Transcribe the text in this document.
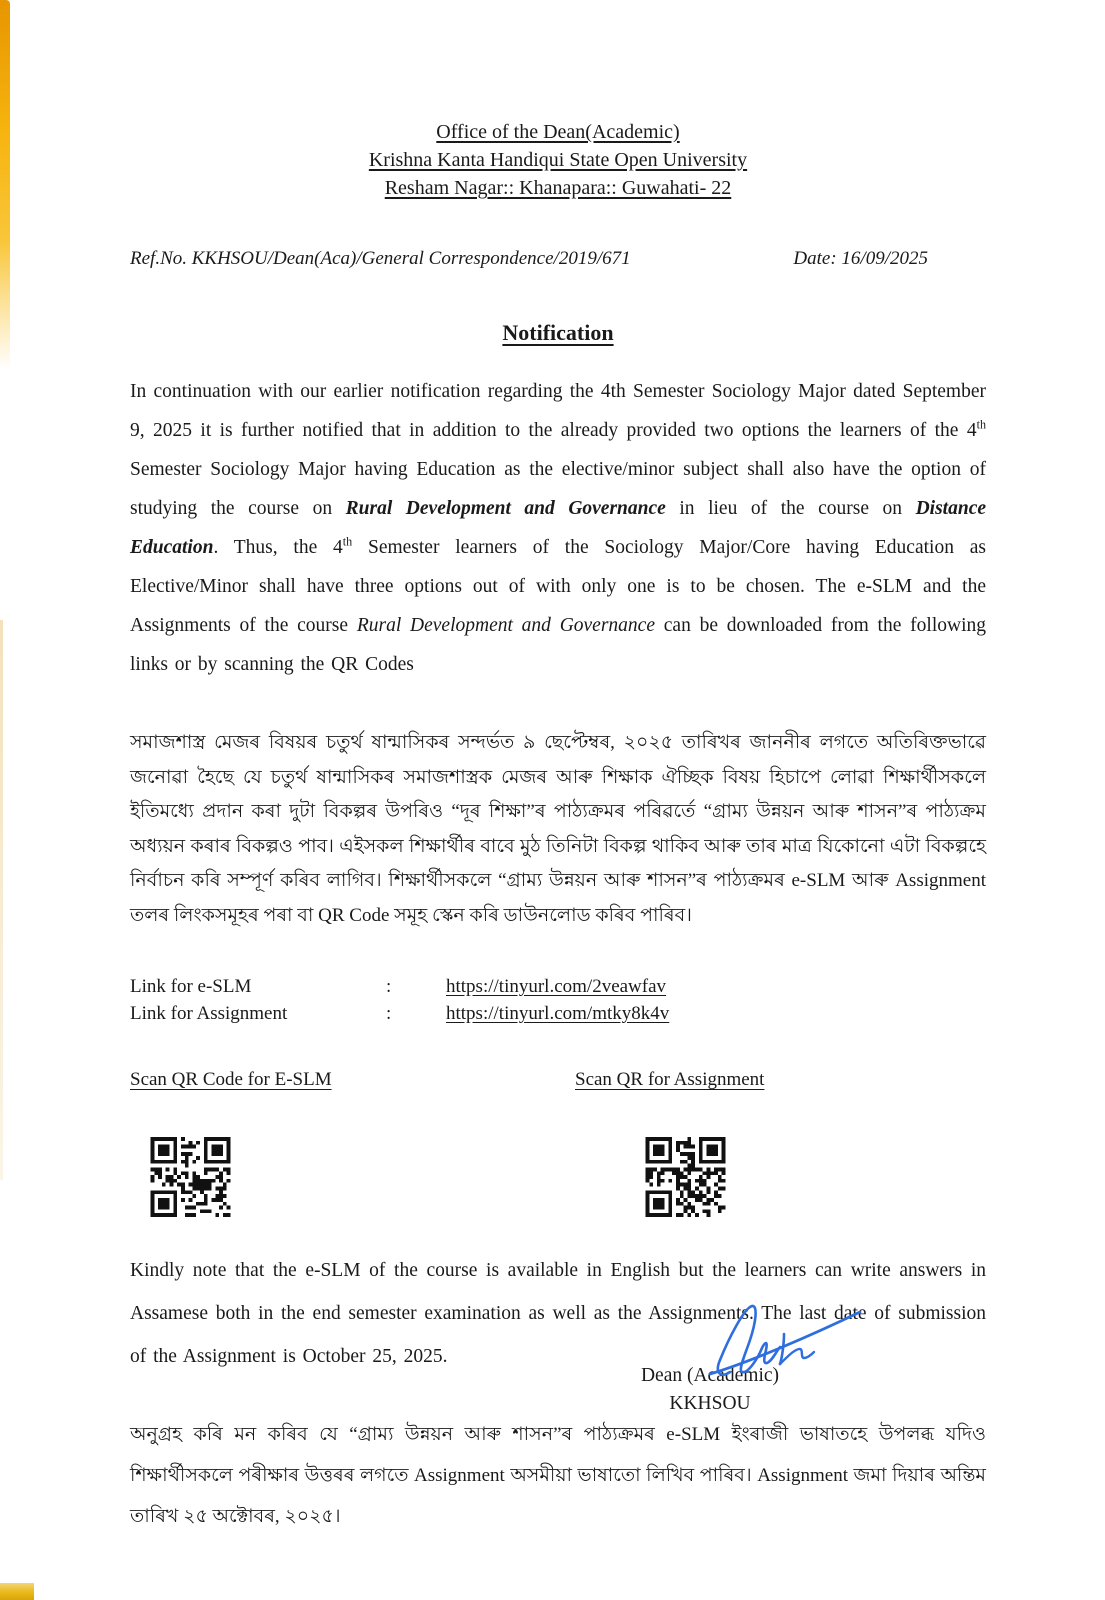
Office of the Dean(Academic)
Krishna Kanta Handiqui State Open University
Resham Nagar:: Khanapara:: Guwahati- 22
Ref.No. KKHSOU/Dean(Aca)/General Correspondence/2019/671	Date: 16/09/2025
Notification

In continuation with our earlier notification regarding the 4th Semester Sociology Major dated September 9, 2025 it is further notified that in addition to the already provided two options the learners of the 4th Semester Sociology Major having Education as the elective/minor subject shall also have the option of studying the course on Rural Development and Governance in lieu of the course on Distance Education. Thus, the 4th Semester learners of the Sociology Major/Core having Education as Elective/Minor shall have three options out of with only one is to be chosen. The e-SLM and the Assignments of the course Rural Development and Governance can be downloaded from the following links or by scanning the QR Codes

সমাজশাস্ত্র মেজৰ বিষয়ৰ চতুৰ্থ ষান্মাসিকৰ সন্দৰ্ভত ৯ ছেপ্টেম্বৰ, ২০২৫ তাৰিখৰ জাননীৰ লগতে অতিৰিক্তভাৱে জনোৱা হৈছে যে চতুৰ্থ ষান্মাসিকৰ সমাজশাস্ত্ৰক মেজৰ আৰু শিক্ষাক ঐচ্ছিক বিষয় হিচাপে লোৱা শিক্ষাৰ্থীসকলে ইতিমধ্যে প্ৰদান কৰা দুটা বিকল্পৰ উপৰিও “দূৰ শিক্ষা”ৰ পাঠ্যক্ৰমৰ পৰিৱৰ্তে “গ্ৰাম্য উন্নয়ন আৰু শাসন”ৰ পাঠ্যক্ৰম অধ্যয়ন কৰাৰ বিকল্পও পাব। এইসকল শিক্ষাৰ্থীৰ বাবে মুঠ তিনিটা বিকল্প থাকিব আৰু তাৰ মাত্ৰ যিকোনো এটা বিকল্পহে নিৰ্বাচন কৰি সম্পূৰ্ণ কৰিব লাগিব। শিক্ষাৰ্থীসকলে “গ্ৰাম্য উন্নয়ন আৰু শাসন”ৰ পাঠ্যক্ৰমৰ e-SLM আৰু Assignment তলৰ লিংকসমূহৰ পৰা বা QR Code সমূহ স্কেন কৰি ডাউনলোড কৰিব পাৰিব।

Link for e-SLM	:	https://tinyurl.com/2veawfav
Link for Assignment	:	https://tinyurl.com/mtky8k4v
Scan QR Code for E-SLM	Scan QR for Assignment

Kindly note that the e-SLM of the course is available in English but the learners can write answers in Assamese both in the end semester examination as well as the Assignments. The last date of submission of the Assignment is October 25, 2025.

অনুগ্ৰহ কৰি মন কৰিব যে “গ্ৰাম্য উন্নয়ন আৰু শাসন”ৰ পাঠ্যক্ৰমৰ e-SLM ইংৰাজী ভাষাতহে উপলব্ধ যদিও শিক্ষাৰ্থীসকলে পৰীক্ষাৰ উত্তৰৰ লগতে Assignment অসমীয়া ভাষাতো লিখিব পাৰিব। Assignment জমা দিয়াৰ অন্তিম তাৰিখ ২৫ অক্টোবৰ, ২০২৫।

Dean (Academic)
KKHSOU
